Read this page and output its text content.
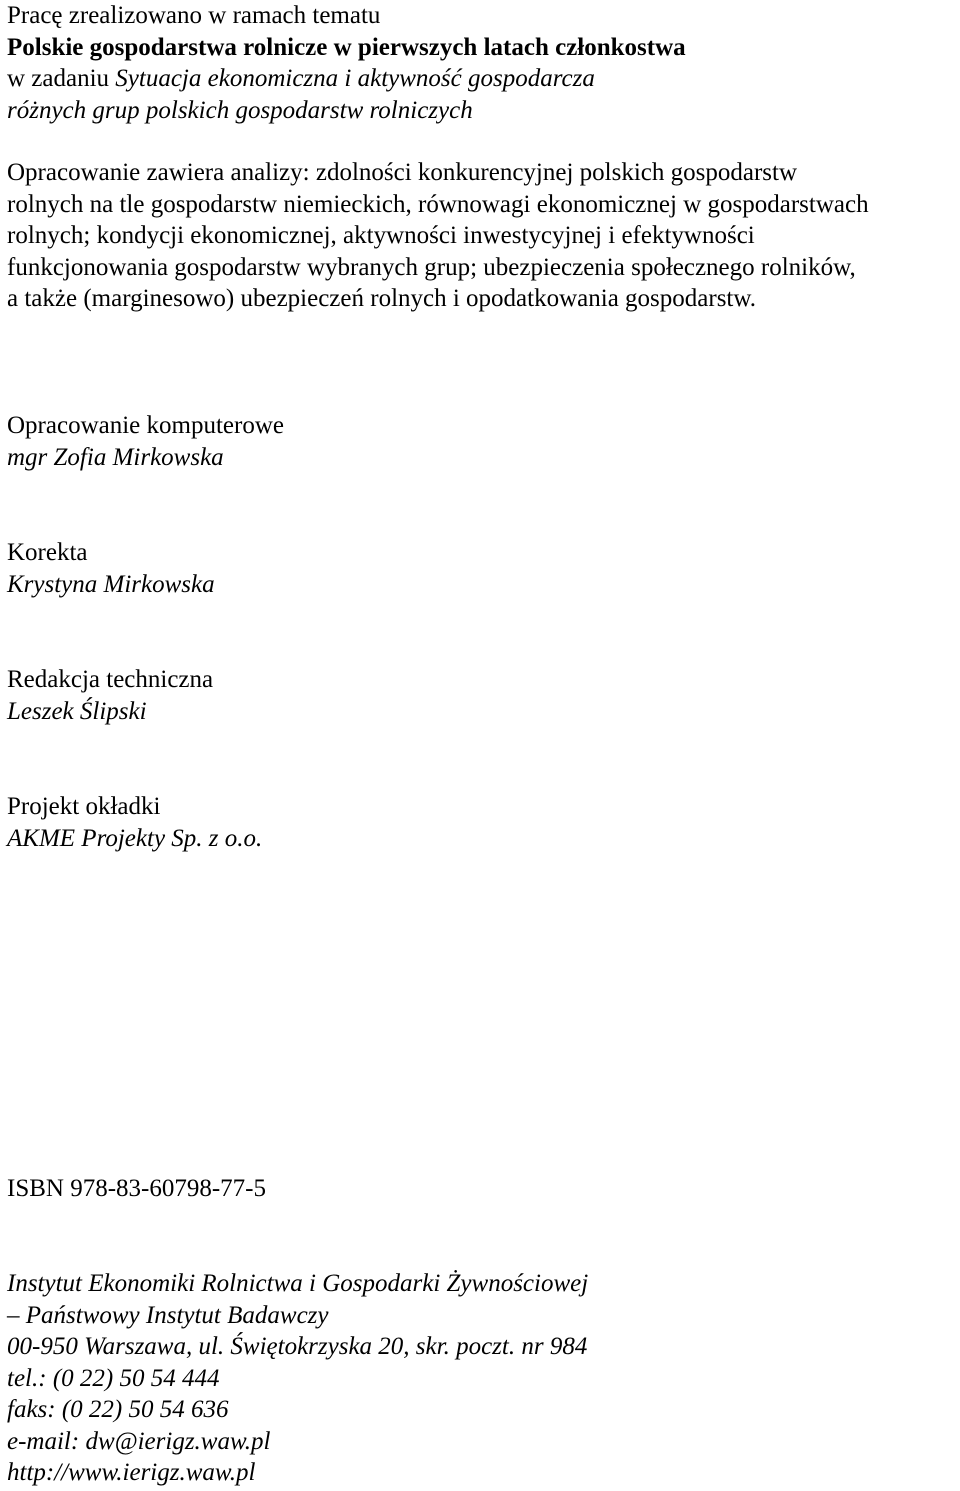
Pracę zrealizowano w ramach tematu
Polskie gospodarstwa rolnicze w pierwszych latach członkostwa
w zadaniu Sytuacja ekonomiczna i aktywność gospodarcza
różnych grup polskich gospodarstw rolniczych
Opracowanie zawiera analizy: zdolności konkurencyjnej polskich gospodarstw
rolnych na tle gospodarstw niemieckich, równowagi ekonomicznej w gospodarstwach
rolnych; kondycji ekonomicznej, aktywności inwestycyjnej i efektywności
funkcjonowania gospodarstw wybranych grup; ubezpieczenia społecznego rolników,
a także (marginesowo) ubezpieczeń rolnych i opodatkowania gospodarstw.
Opracowanie komputerowe
mgr Zofia Mirkowska
Korekta
Krystyna Mirkowska
Redakcja techniczna
Leszek Ślipski
Projekt okładki
AKME Projekty Sp. z o.o.
ISBN 978-83-60798-77-5
Instytut Ekonomiki Rolnictwa i Gospodarki Żywnościowej
– Państwowy Instytut Badawczy
00-950 Warszawa, ul. Świętokrzyska 20, skr. poczt. nr 984
tel.: (0 22) 50 54 444
faks: (0 22) 50 54 636
e-mail: dw@ierigz.waw.pl
http://www.ierigz.waw.pl
